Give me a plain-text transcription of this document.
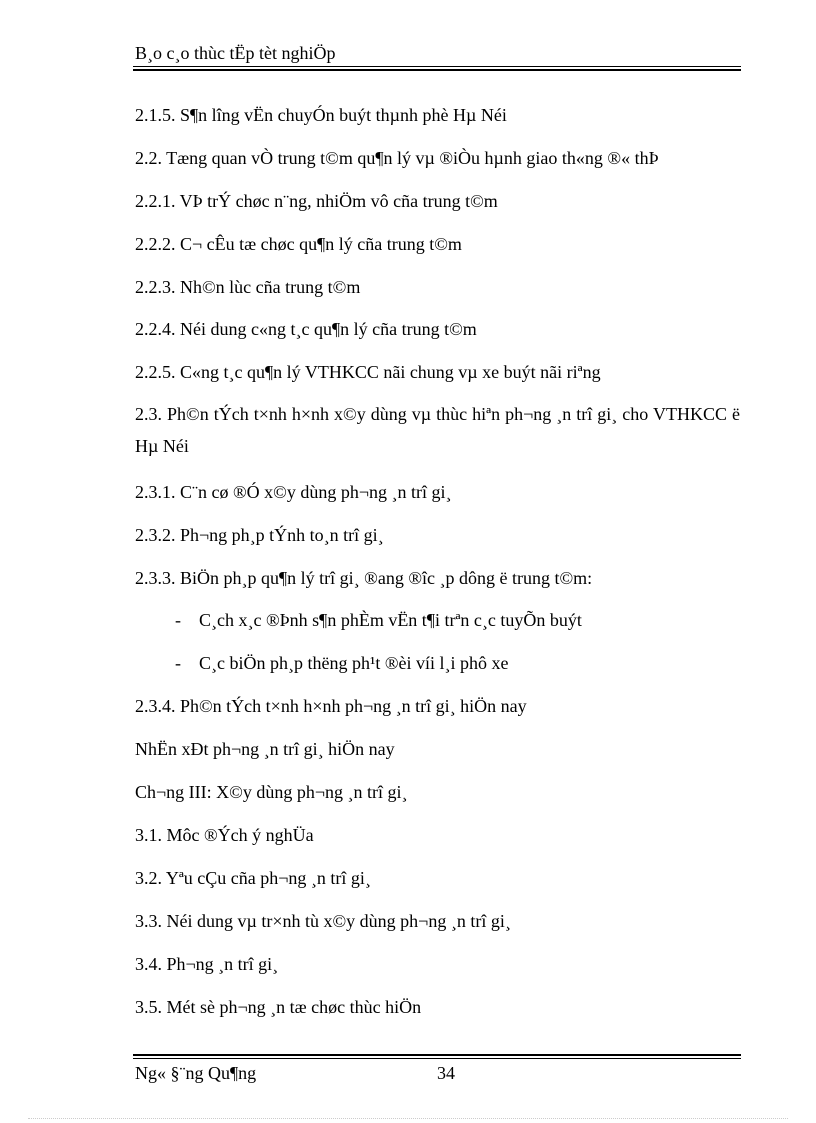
B¸o c¸o thùc tËp tèt nghiÖp
2.1.5. S¶n lîng vËn chuyÓn buýt thµnh phè Hµ Néi
2.2. Tæng quan vÒ trung t©m qu¶n lý vµ ®iÒu hµnh giao th«ng ®« thÞ
2.2.1. VÞ trÝ chøc n¨ng, nhiÖm vô cña trung t©m
2.2.2. C¬ cÊu tæ chøc qu¶n lý cña trung t©m
2.2.3. Nh©n lùc cña trung t©m
2.2.4. Néi dung c«ng t¸c qu¶n lý cña trung t©m
2.2.5. C«ng t¸c qu¶n lý VTHKCC nãi chung vµ xe buýt nãi riªng
2.3. Ph©n tÝch t×nh h×nh x©y dùng vµ thùc hiªn ph¬ng ¸n trî gi¸ cho VTHKCC ë Hµ Néi
2.3.1. C¨n cø ®Ó x©y dùng ph¬ng ¸n trî gi¸
2.3.2. Ph¬ng ph¸p tÝnh to¸n trî gi¸
2.3.3. BiÖn ph¸p qu¶n lý trî gi¸ ®ang ®îc ¸p dông ë trung t©m:
- C¸ch x¸c ®Þnh s¶n phÈm vËn t¶i trªn c¸c tuyÕn buýt
- C¸c biÖn ph¸p thëng ph¹t ®èi víi l¸i phô xe
2.3.4. Ph©n tÝch t×nh h×nh ph¬ng ¸n trî gi¸ hiÖn nay
NhËn xÐt ph¬ng ¸n trî gi¸ hiÖn nay
Ch¬ng III: X©y dùng ph¬ng ¸n trî gi¸
3.1. Môc ®Ých ý nghÜa
3.2. Yªu cÇu cña ph¬ng ¸n trî gi¸
3.3. Néi dung vµ tr×nh tù x©y dùng ph¬ng ¸n trî gi¸
3.4. Ph¬ng ¸n trî gi¸
3.5. Mét sè ph¬ng ¸n tæ chøc thùc hiÖn
Ng« §¨ng Qu¶ng	34
